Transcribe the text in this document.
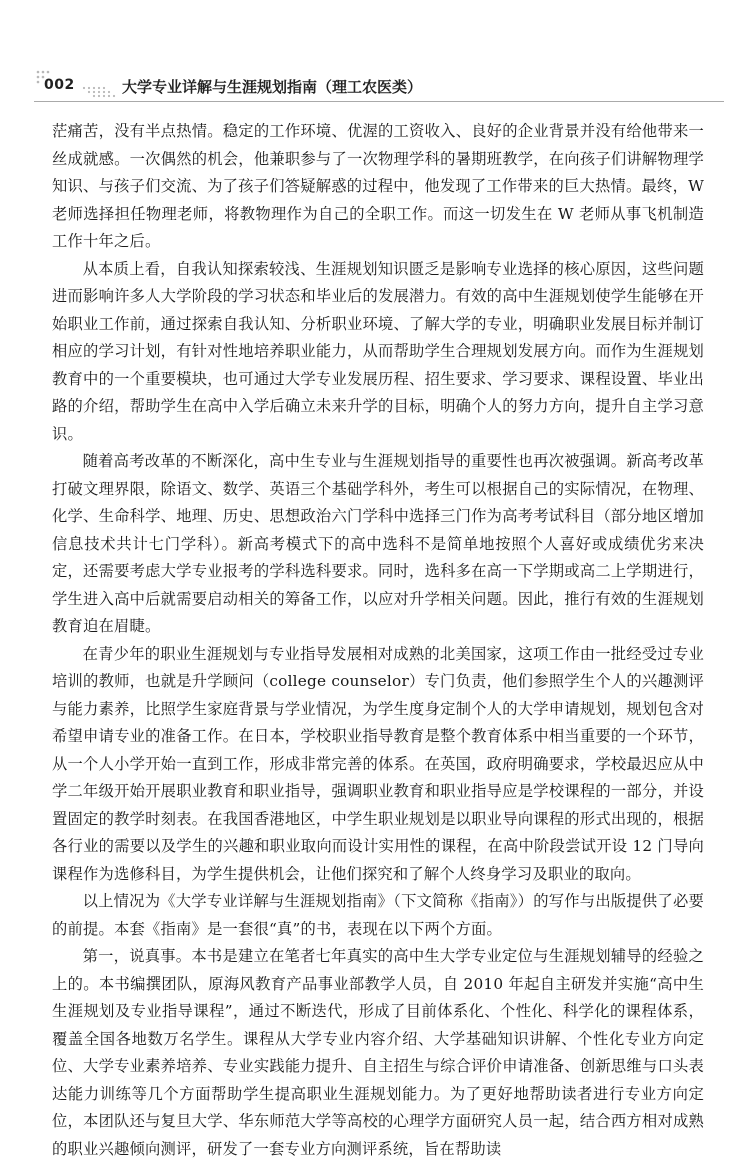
002	大学专业详解与生涯规划指南（理工农医类）

茫痛苦，没有半点热情。稳定的工作环境、优渥的工资收入、良好的企业背景并没有给他带来一丝成就感。一次偶然的机会，他兼职参与了一次物理学科的暑期班教学，在向孩子们讲解物理学知识、与孩子们交流、为了孩子们答疑解惑的过程中，他发现了工作带来的巨大热情。最终，W 老师选择担任物理老师，将教物理作为自己的全职工作。而这一切发生在 W 老师从事飞机制造工作十年之后。

从本质上看，自我认知探索较浅、生涯规划知识匮乏是影响专业选择的核心原因，这些问题进而影响许多人大学阶段的学习状态和毕业后的发展潜力。有效的高中生涯规划使学生能够在开始职业工作前，通过探索自我认知、分析职业环境、了解大学的专业，明确职业发展目标并制订相应的学习计划，有针对性地培养职业能力，从而帮助学生合理规划发展方向。而作为生涯规划教育中的一个重要模块，也可通过大学专业发展历程、招生要求、学习要求、课程设置、毕业出路的介绍，帮助学生在高中入学后确立未来升学的目标，明确个人的努力方向，提升自主学习意识。

随着高考改革的不断深化，高中生专业与生涯规划指导的重要性也再次被强调。新高考改革打破文理界限，除语文、数学、英语三个基础学科外，考生可以根据自己的实际情况，在物理、化学、生命科学、地理、历史、思想政治六门学科中选择三门作为高考考试科目（部分地区增加信息技术共计七门学科）。新高考模式下的高中选科不是简单地按照个人喜好或成绩优劣来决定，还需要考虑大学专业报考的学科选科要求。同时，选科多在高一下学期或高二上学期进行，学生进入高中后就需要启动相关的筹备工作，以应对升学相关问题。因此，推行有效的生涯规划教育迫在眉睫。

在青少年的职业生涯规划与专业指导发展相对成熟的北美国家，这项工作由一批经受过专业培训的教师，也就是升学顾问（college counselor）专门负责，他们参照学生个人的兴趣测评与能力素养，比照学生家庭背景与学业情况，为学生度身定制个人的大学申请规划，规划包含对希望申请专业的准备工作。在日本，学校职业指导教育是整个教育体系中相当重要的一个环节，从一个人小学开始一直到工作，形成非常完善的体系。在英国，政府明确要求，学校最迟应从中学二年级开始开展职业教育和职业指导，强调职业教育和职业指导应是学校课程的一部分，并设置固定的教学时刻表。在我国香港地区，中学生职业规划是以职业导向课程的形式出现的，根据各行业的需要以及学生的兴趣和职业取向而设计实用性的课程，在高中阶段尝试开设 12 门导向课程作为选修科目，为学生提供机会，让他们探究和了解个人终身学习及职业的取向。

以上情况为《大学专业详解与生涯规划指南》（下文简称《指南》）的写作与出版提供了必要的前提。本套《指南》是一套很“真”的书，表现在以下两个方面。

第一，说真事。本书是建立在笔者七年真实的高中生大学专业定位与生涯规划辅导的经验之上的。本书编撰团队，原海风教育产品事业部教学人员，自 2010 年起自主研发并实施“高中生生涯规划及专业指导课程”，通过不断迭代，形成了目前体系化、个性化、科学化的课程体系，覆盖全国各地数万名学生。课程从大学专业内容介绍、大学基础知识讲解、个性化专业方向定位、大学专业素养培养、专业实践能力提升、自主招生与综合评价申请准备、创新思维与口头表达能力训练等几个方面帮助学生提高职业生涯规划能力。为了更好地帮助读者进行专业方向定位，本团队还与复旦大学、华东师范大学等高校的心理学方面研究人员一起，结合西方相对成熟的职业兴趣倾向测评，研发了一套专业方向测评系统，旨在帮助读
